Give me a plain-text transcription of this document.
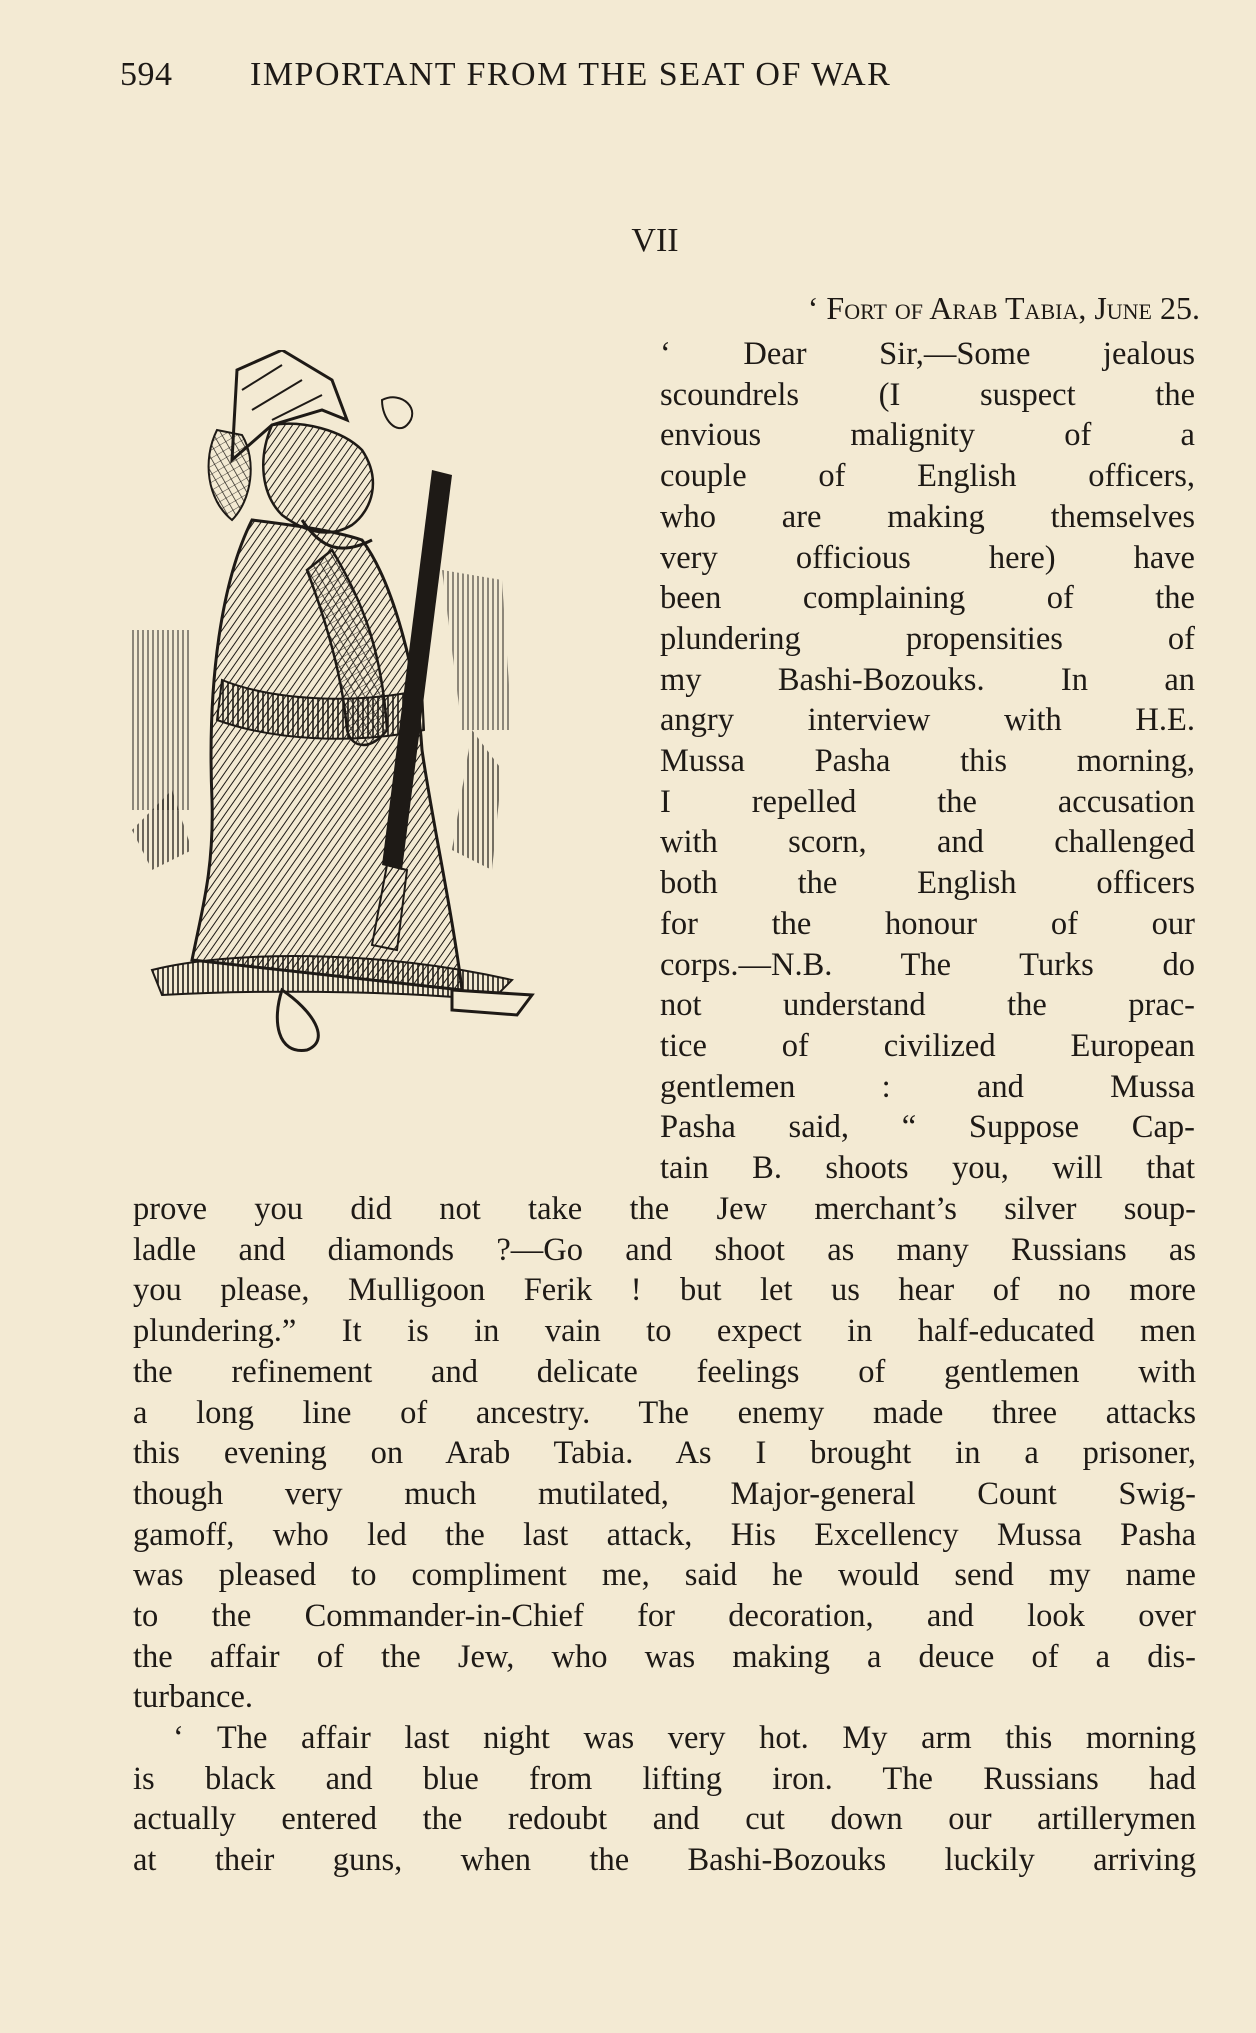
594 IMPORTANT FROM THE SEAT OF WAR
VII
‘ Fort of Arab Tabia, June 25.
‘ Dear Sir,—Some jealous
scoundrels (I suspect the
envious malignity of a
couple of English officers,
who are making themselves
very officious here) have
been complaining of the
plundering propensities of
my Bashi-Bozouks. In an
angry interview with H.E.
Mussa Pasha this morning,
I repelled the accusation
with scorn, and challenged
both the English officers
for the honour of our
corps.—N.B. The Turks do
not understand the prac-
tice of civilized European
gentlemen : and Mussa
Pasha said, “ Suppose Cap-
tain B. shoots you, will that
prove you did not take the Jew merchant’s silver soup-
ladle and diamonds ?—Go and shoot as many Russians as
you please, Mulligoon Ferik ! but let us hear of no more
plundering.” It is in vain to expect in half-educated men
the refinement and delicate feelings of gentlemen with
a long line of ancestry. The enemy made three attacks
this evening on Arab Tabia. As I brought in a prisoner,
though very much mutilated, Major-general Count Swig-
gamoff, who led the last attack, His Excellency Mussa Pasha
was pleased to compliment me, said he would send my name
to the Commander-in-Chief for decoration, and look over
the affair of the Jew, who was making a deuce of a dis-
turbance.
‘ The affair last night was very hot. My arm this morning
is black and blue from lifting iron. The Russians had
actually entered the redoubt and cut down our artillerymen
at their guns, when the Bashi-Bozouks luckily arriving
